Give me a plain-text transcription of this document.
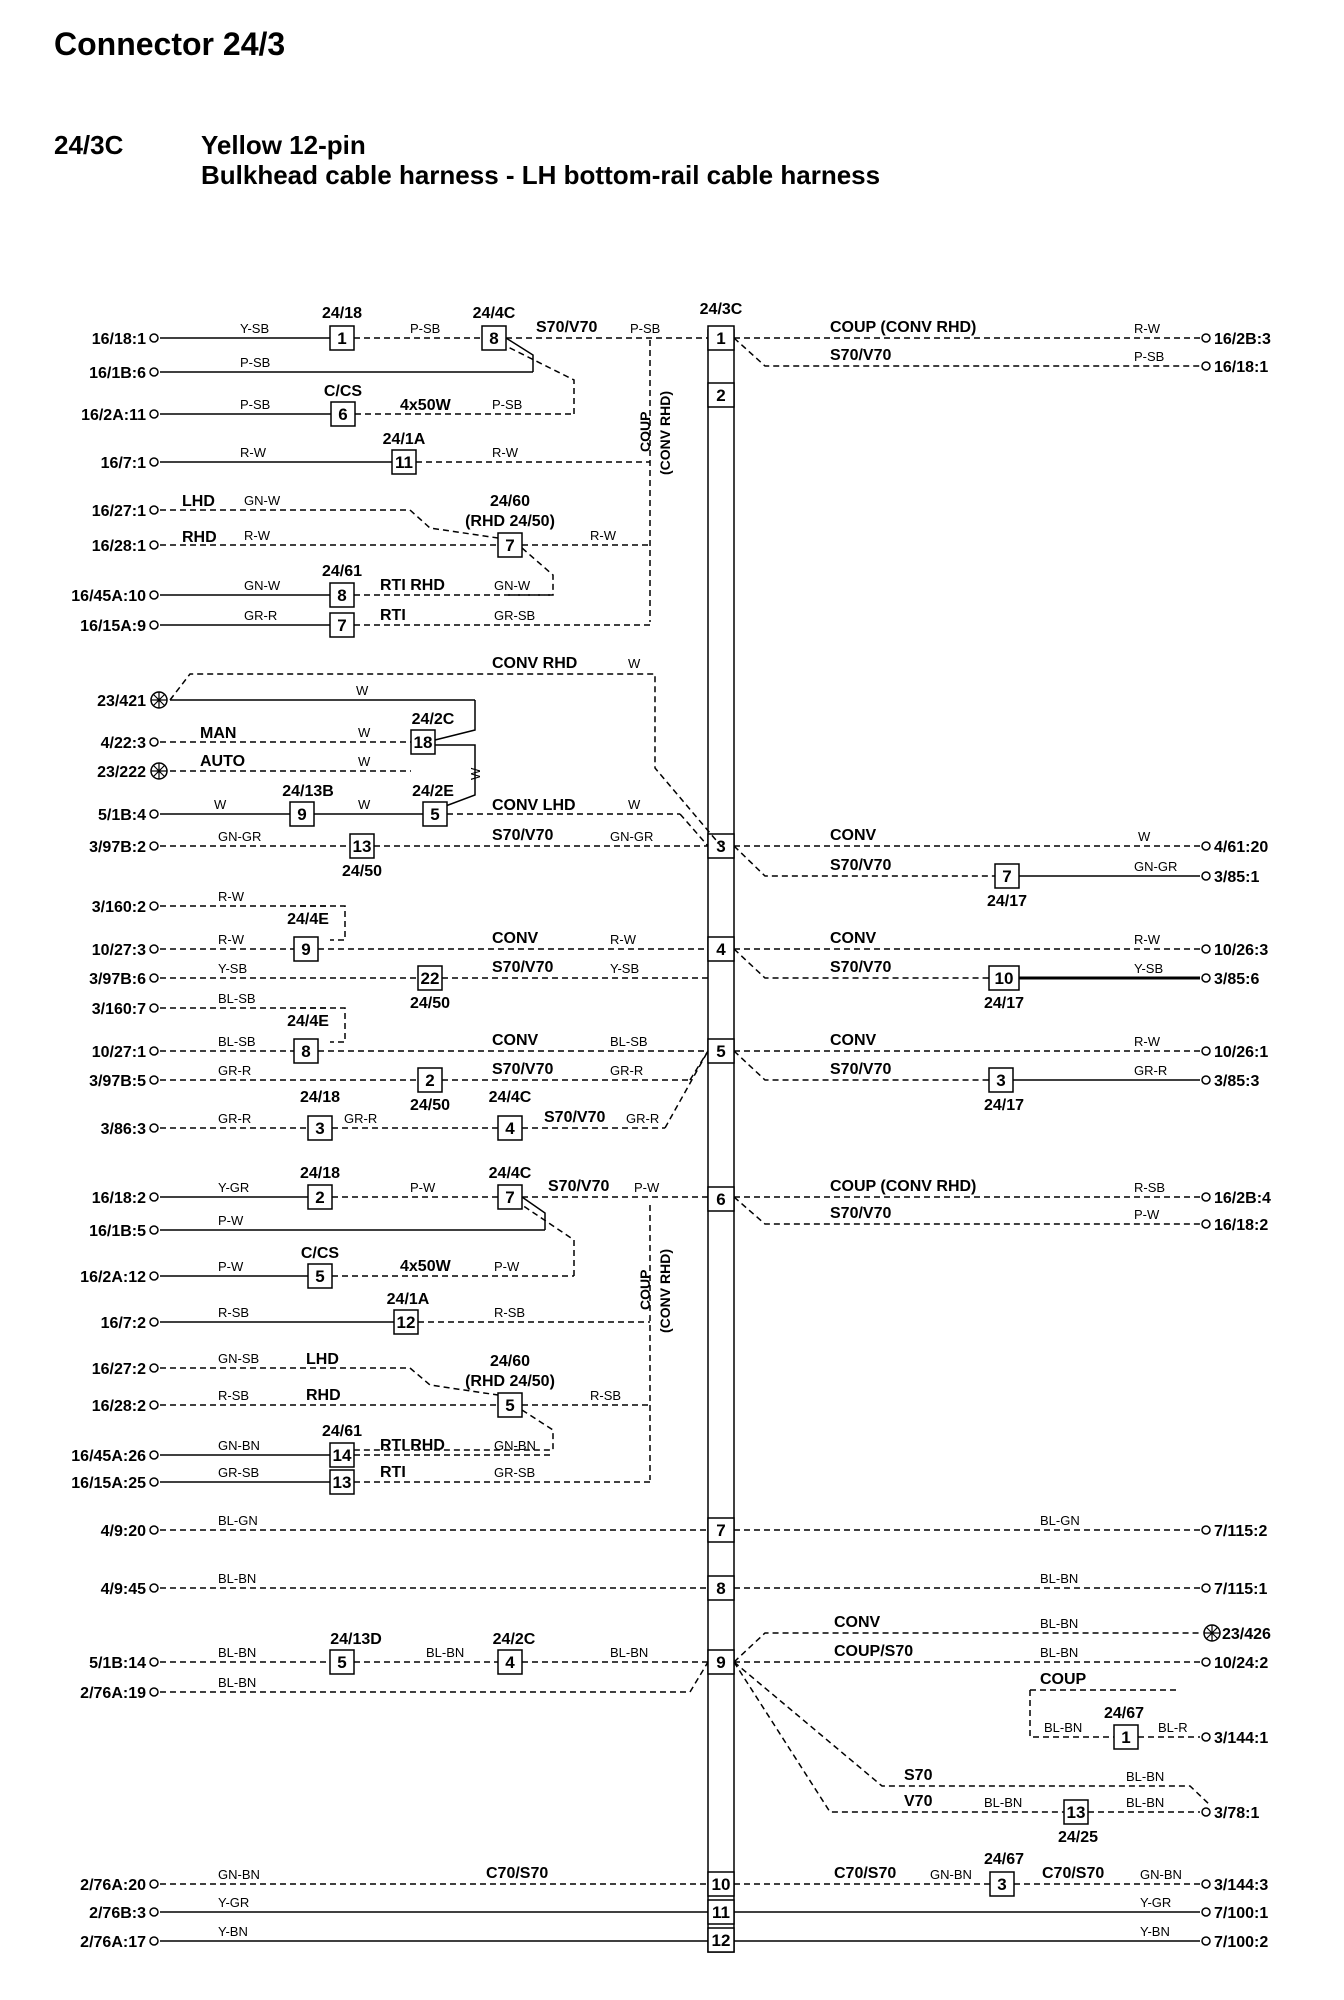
Connector 24/3
24/3C	Yellow 12-pin
Bulkhead cable harness - LH bottom-rail cable harness
24/3C
1
2
3
4
5
6
7
8
9
10
11
12
COUP (CONV RHD)
COUP (CONV RHD)
16/18:1
16/1B:6
16/2A:11
16/7:1
16/27:1
16/28:1
16/45A:10
16/15A:9
23/421
4/22:3
23/222
5/1B:4
3/97B:2
3/160:2
10/27:3
3/97B:6
3/160:7
10/27:1
3/97B:5
3/86:3
16/18:2
16/1B:5
16/2A:12
16/7:2
16/27:2
16/28:2
16/45A:26
16/15A:25
4/9:20
4/9:45
5/1B:14
2/76A:19
2/76A:20
2/76B:3
2/76A:17
16/2B:3
16/18:1
4/61:20
3/85:1
10/26:3
3/85:6
10/26:1
3/85:3
16/2B:4
16/18:2
7/115:2
7/115:1
23/426
10/24:2
3/144:1
3/78:1
3/144:3
7/100:1
7/100:2
1
24/18
8
24/4C
6
C/CS
11
24/1A
7
24/60
(RHD 24/50)
8
24/61
7
18
24/2C
9
24/13B
5
24/2E
13
24/50
9
24/4E
22
24/50
8
24/4E
2
24/50
3
24/18
4
24/4C
2
24/18
7
24/4C
5
C/CS
12
24/1A
5
24/60
(RHD 24/50)
14
24/61
13
5
24/13D
4
24/2C
7
24/17
10
24/17
3
24/17
1
24/67
13
24/25
3
24/67
S70/V70
4x50W
LHD
RHD
RTI RHD
RTI
CONV RHD
MAN
AUTO
CONV LHD
S70/V70
CONV
S70/V70
CONV
S70/V70
S70/V70
S70/V70
4x50W
LHD
RHD
RTI RHD
RTI
C70/S70
COUP (CONV RHD)
S70/V70
CONV
S70/V70
CONV
S70/V70
CONV
S70/V70
COUP (CONV RHD)
S70/V70
CONV
COUP/S70
COUP
S70
V70
C70/S70	C70/S70
Y-SB	P-SB	P-SB
P-SB
P-SB	P-SB
R-W	R-W
GN-W
R-W	R-W
GN-W	GN-W
GR-R	GR-SB
W
W
W
W
W
W	W	W
GN-GR	GN-GR
R-W
R-W	R-W
Y-SB	Y-SB
BL-SB
BL-SB	BL-SB
GR-R	GR-R
GR-R	GR-R	GR-R
Y-GR	P-W	P-W
P-W
P-W	P-W
R-SB	R-SB
GN-SB
R-SB	R-SB
GN-BN	GN-BN
GR-SB	GR-SB
BL-GN
BL-BN
BL-BN	BL-BN	BL-BN
BL-BN
GN-BN
Y-GR
Y-BN
R-W
P-SB
W
GN-GR
R-W
Y-SB
R-W
GR-R
R-SB
P-W
BL-GN
BL-BN
BL-BN
BL-BN
BL-BN	BL-R
BL-BN
BL-BN	BL-BN
GN-BN	GN-BN
Y-GR
Y-BN
